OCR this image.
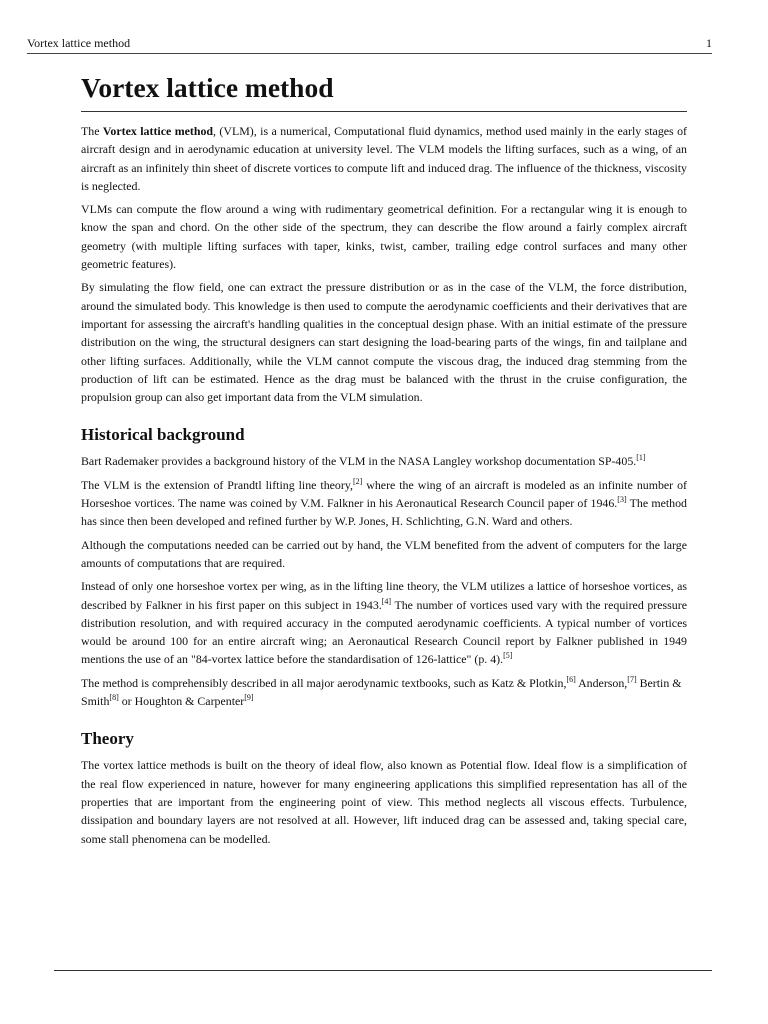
Vortex lattice method	1
Vortex lattice method

The Vortex lattice method, (VLM), is a numerical, Computational fluid dynamics, method used mainly in the early stages of aircraft design and in aerodynamic education at university level. The VLM models the lifting surfaces, such as a wing, of an aircraft as an infinitely thin sheet of discrete vortices to compute lift and induced drag. The influence of the thickness, viscosity is neglected.

VLMs can compute the flow around a wing with rudimentary geometrical definition. For a rectangular wing it is enough to know the span and chord. On the other side of the spectrum, they can describe the flow around a fairly complex aircraft geometry (with multiple lifting surfaces with taper, kinks, twist, camber, trailing edge control surfaces and many other geometric features).

By simulating the flow field, one can extract the pressure distribution or as in the case of the VLM, the force distribution, around the simulated body. This knowledge is then used to compute the aerodynamic coefficients and their derivatives that are important for assessing the aircraft's handling qualities in the conceptual design phase. With an initial estimate of the pressure distribution on the wing, the structural designers can start designing the load-bearing parts of the wings, fin and tailplane and other lifting surfaces. Additionally, while the VLM cannot compute the viscous drag, the induced drag stemming from the production of lift can be estimated. Hence as the drag must be balanced with the thrust in the cruise configuration, the propulsion group can also get important data from the VLM simulation.

Historical background

Bart Rademaker provides a background history of the VLM in the NASA Langley workshop documentation SP-405.[1]

The VLM is the extension of Prandtl lifting line theory,[2] where the wing of an aircraft is modeled as an infinite number of Horseshoe vortices. The name was coined by V.M. Falkner in his Aeronautical Research Council paper of 1946.[3] The method has since then been developed and refined further by W.P. Jones, H. Schlichting, G.N. Ward and others.

Although the computations needed can be carried out by hand, the VLM benefited from the advent of computers for the large amounts of computations that are required.

Instead of only one horseshoe vortex per wing, as in the lifting line theory, the VLM utilizes a lattice of horseshoe vortices, as described by Falkner in his first paper on this subject in 1943.[4] The number of vortices used vary with the required pressure distribution resolution, and with required accuracy in the computed aerodynamic coefficients. A typical number of vortices would be around 100 for an entire aircraft wing; an Aeronautical Research Council report by Falkner published in 1949 mentions the use of an "84-vortex lattice before the standardisation of 126-lattice" (p. 4).[5]

The method is comprehensibly described in all major aerodynamic textbooks, such as Katz & Plotkin,[6] Anderson,[7] Bertin & Smith[8] or Houghton & Carpenter[9]

Theory

The vortex lattice methods is built on the theory of ideal flow, also known as Potential flow. Ideal flow is a simplification of the real flow experienced in nature, however for many engineering applications this simplified representation has all of the properties that are important from the engineering point of view. This method neglects all viscous effects. Turbulence, dissipation and boundary layers are not resolved at all. However, lift induced drag can be assessed and, taking special care, some stall phenomena can be modelled.
